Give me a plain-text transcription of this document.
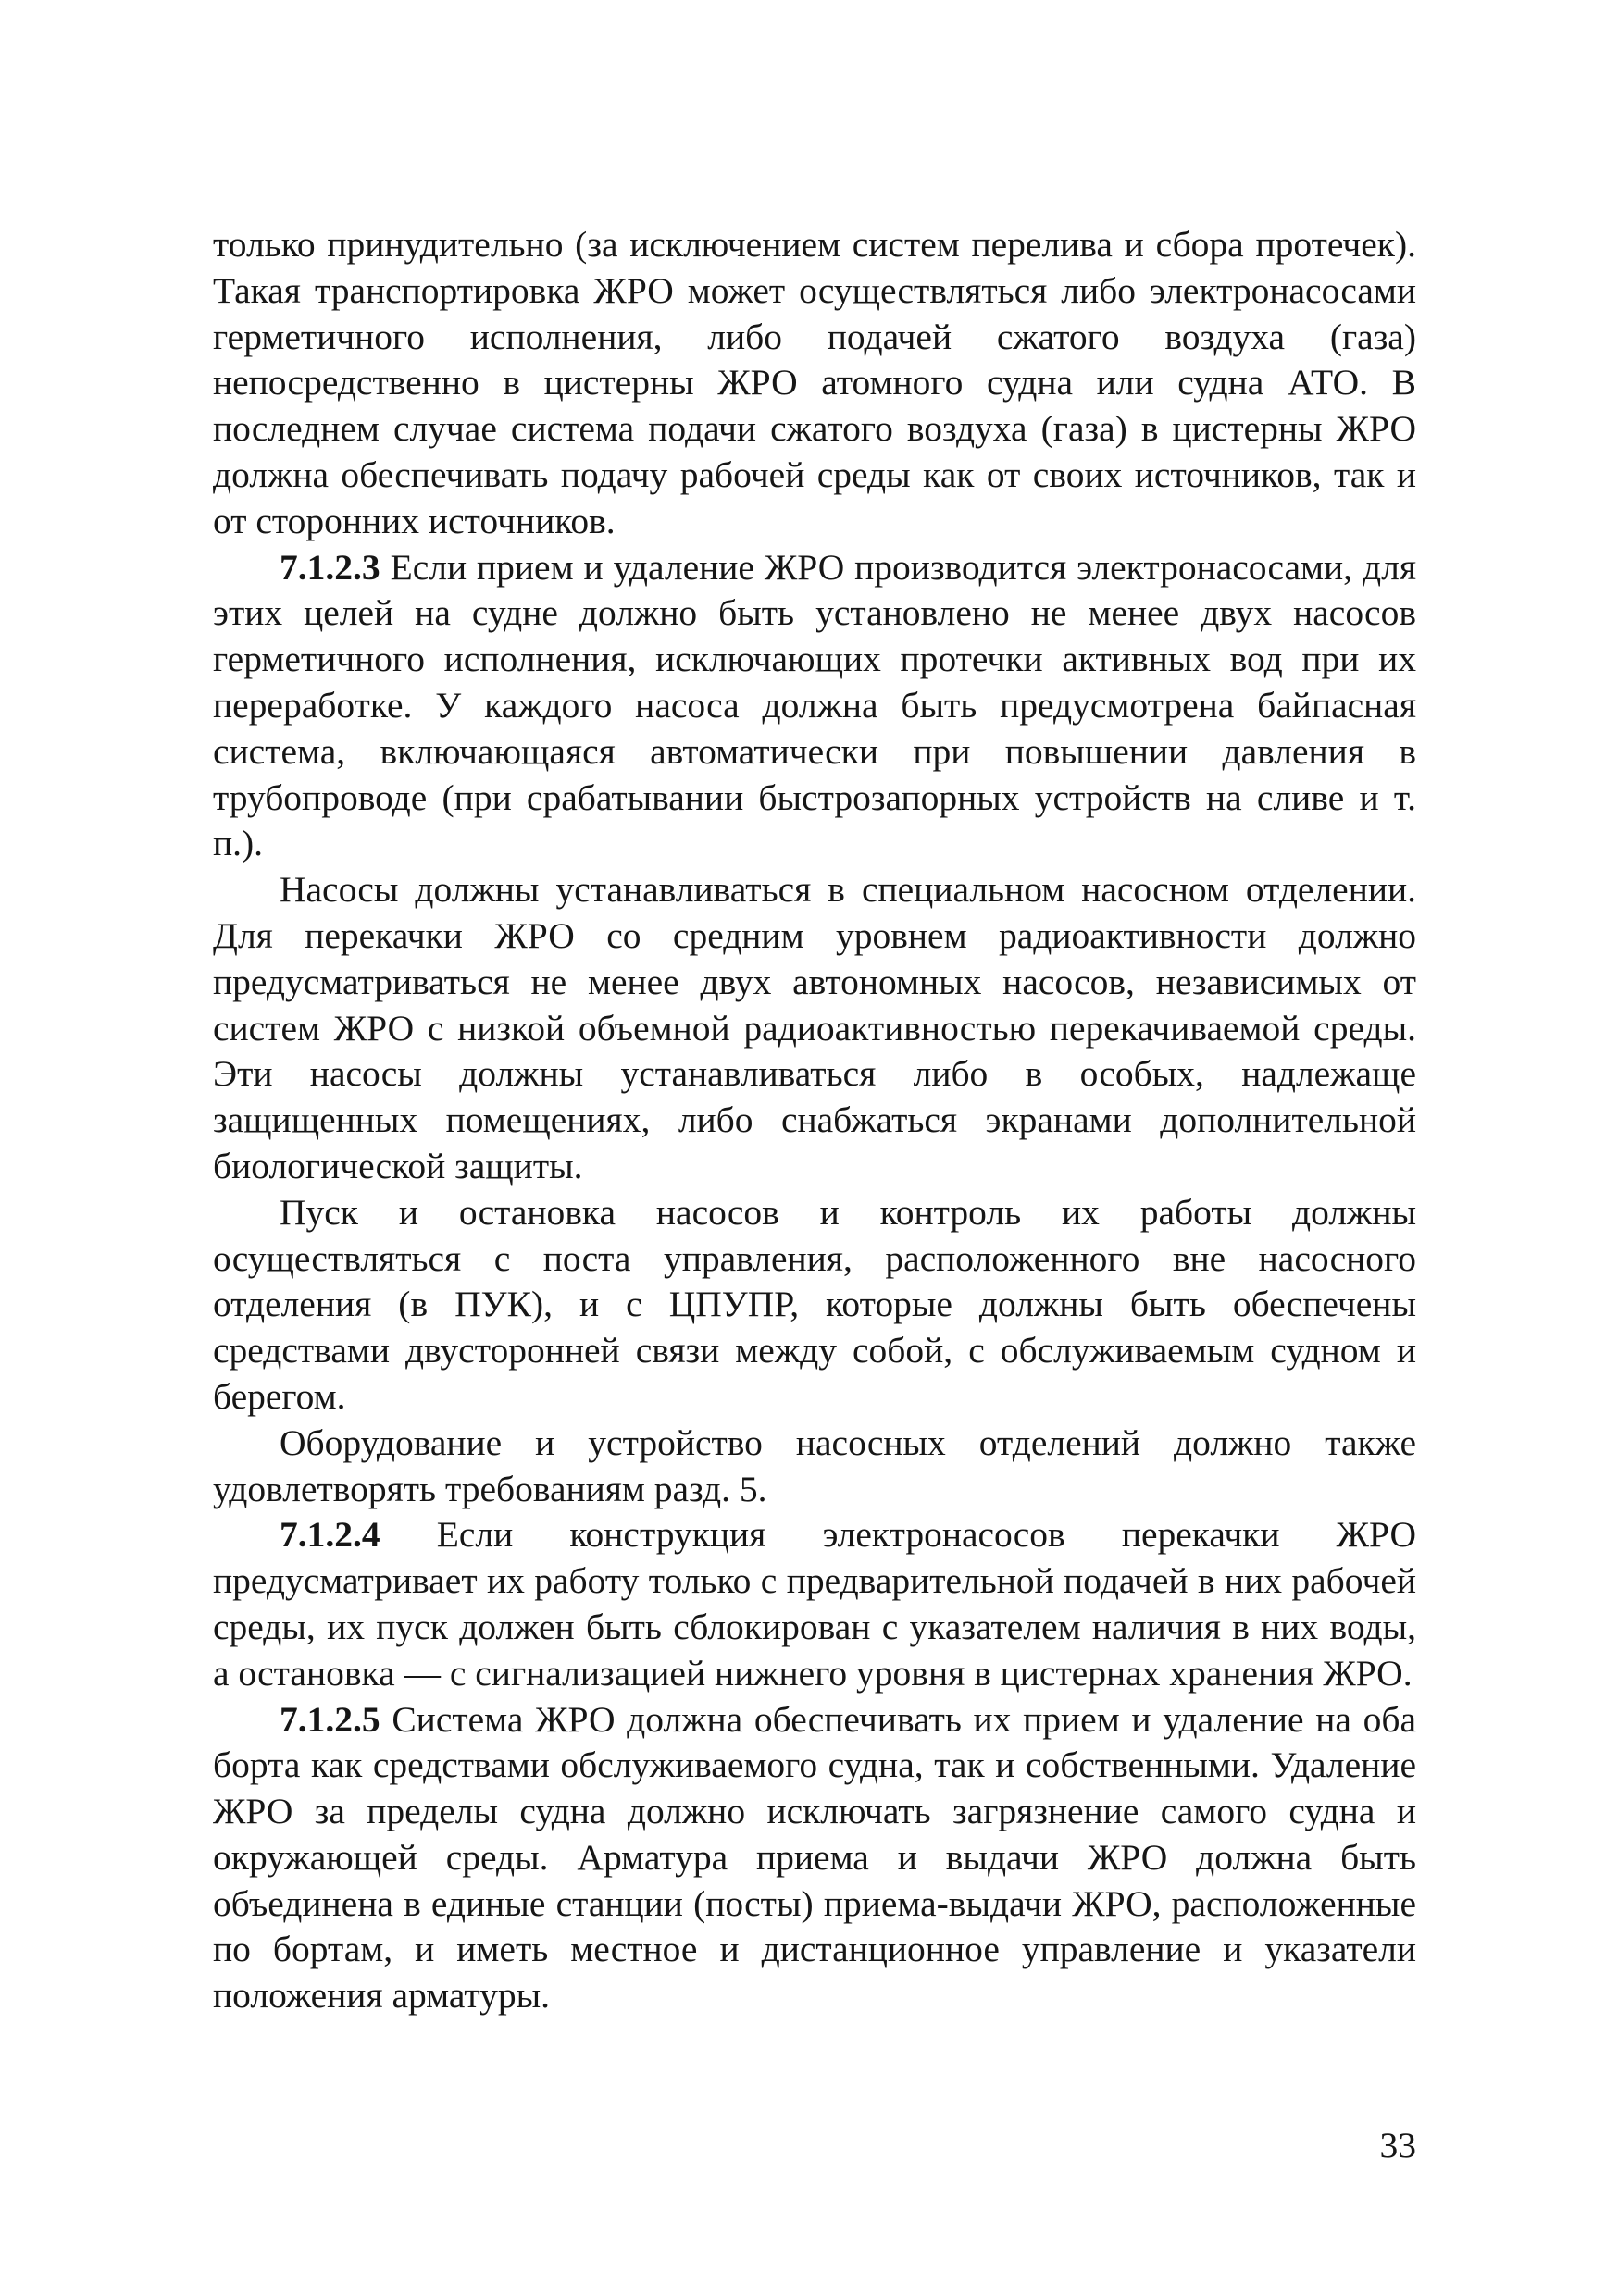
только принудительно (за исключением систем перелива и сбора протечек). Такая транспортировка ЖРО может осуществляться либо электронасосами герметичного исполнения, либо подачей сжатого воздуха (газа) непосредственно в цистерны ЖРО атомного судна или судна АТО. В последнем случае система подачи сжатого воздуха (газа) в цистерны ЖРО должна обеспечивать подачу рабочей среды как от своих источников, так и от сторонних источников.

7.1.2.3 Если прием и удаление ЖРО производится электронасосами, для этих целей на судне должно быть установлено не менее двух насосов герметичного исполнения, исключающих протечки активных вод при их переработке. У каждого насоса должна быть предусмотрена байпасная система, включающаяся автоматически при повышении давления в трубопроводе (при срабатывании быстрозапорных устройств на сливе и т. п.).

Насосы должны устанавливаться в специальном насосном отделении. Для перекачки ЖРО со средним уровнем радиоактивности должно предусматриваться не менее двух автономных насосов, независимых от систем ЖРО с низкой объемной радиоактивностью перекачиваемой среды. Эти насосы должны устанавливаться либо в особых, надлежаще защищенных помещениях, либо снабжаться экранами дополнительной биологической защиты.

Пуск и остановка насосов и контроль их работы должны осуществляться с поста управления, расположенного вне насосного отделения (в ПУК), и с ЦПУПР, которые должны быть обеспечены средствами двусторонней связи между собой, с обслуживаемым судном и берегом.

Оборудование и устройство насосных отделений должно также удовлетворять требованиям разд. 5.

7.1.2.4 Если конструкция электронасосов перекачки ЖРО предусматривает их работу только с предварительной подачей в них рабочей среды, их пуск должен быть сблокирован с указателем наличия в них воды, а остановка — с сигнализацией нижнего уровня в цистернах хранения ЖРО.

7.1.2.5 Система ЖРО должна обеспечивать их прием и удаление на оба борта как средствами обслуживаемого судна, так и собственными. Удаление ЖРО за пределы судна должно исключать загрязнение самого судна и окружающей среды. Арматура приема и выдачи ЖРО должна быть объединена в единые станции (посты) приема-выдачи ЖРО, расположенные по бортам, и иметь местное и дистанционное управление и указатели положения арматуры.

33
